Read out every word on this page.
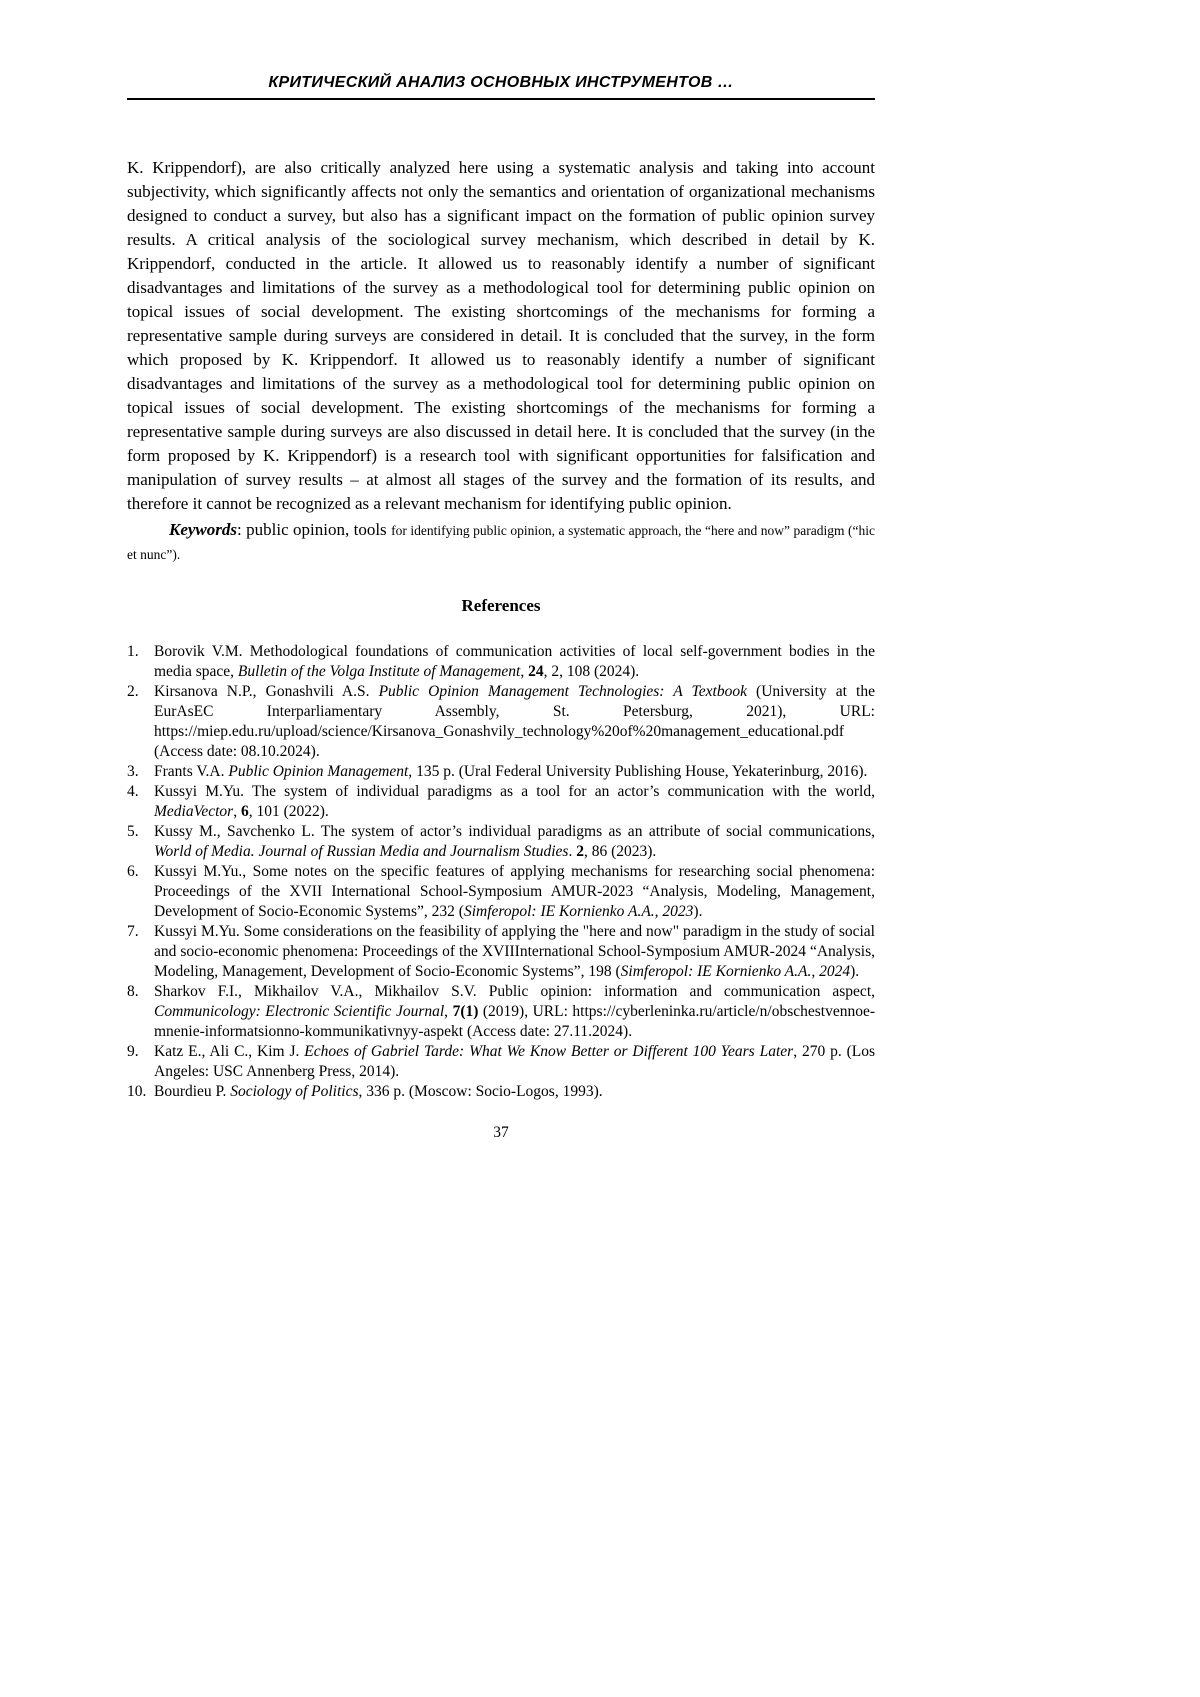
КРИТИЧЕСКИЙ АНАЛИЗ ОСНОВНЫХ ИНСТРУМЕНТОВ …

K. Krippendorf), are also critically analyzed here using a systematic analysis and taking into account subjectivity, which significantly affects not only the semantics and orientation of organizational mechanisms designed to conduct a survey, but also has a significant impact on the formation of public opinion survey results. A critical analysis of the sociological survey mechanism, which described in detail by K. Krippendorf, conducted in the article. It allowed us to reasonably identify a number of significant disadvantages and limitations of the survey as a methodological tool for determining public opinion on topical issues of social development. The existing shortcomings of the mechanisms for forming a representative sample during surveys are considered in detail. It is concluded that the survey, in the form which proposed by K. Krippendorf. It allowed us to reasonably identify a number of significant disadvantages and limitations of the survey as a methodological tool for determining public opinion on topical issues of social development. The existing shortcomings of the mechanisms for forming a representative sample during surveys are also discussed in detail here. It is concluded that the survey (in the form proposed by K. Krippendorf) is a research tool with significant opportunities for falsification and manipulation of survey results – at almost all stages of the survey and the formation of its results, and therefore it cannot be recognized as a relevant mechanism for identifying public opinion.

Keywords: public opinion, tools for identifying public opinion, a systematic approach, the “here and now” paradigm (“hic et nunc”).

References
1. Borovik V.M. Methodological foundations of communication activities of local self-government bodies in the media space, Bulletin of the Volga Institute of Management, 24, 2, 108 (2024).
2. Kirsanova N.P., Gonashvili A.S. Public Opinion Management Technologies: A Textbook (University at the EurAsEC Interparliamentary Assembly, St. Petersburg, 2021), URL: https://miep.edu.ru/upload/science/Kirsanova_Gonashvily_technology%20of%20management_educational.pdf (Access date: 08.10.2024).
3. Frants V.A. Public Opinion Management, 135 p. (Ural Federal University Publishing House, Yekaterinburg, 2016).
4. Kussyi M.Yu. The system of individual paradigms as a tool for an actor’s communication with the world, MediaVector, 6, 101 (2022).
5. Kussy M., Savchenko L. The system of actor’s individual paradigms as an attribute of social communications, World of Media. Journal of Russian Media and Journalism Studies. 2, 86 (2023).
6. Kussyi M.Yu., Some notes on the specific features of applying mechanisms for researching social phenomena: Proceedings of the XVII International School-Symposium AMUR-2023 “Analysis, Modeling, Management, Development of Socio-Economic Systems”, 232 (Simferopol: IE Kornienko A.A., 2023).
7. Kussyi M.Yu. Some considerations on the feasibility of applying the "here and now" paradigm in the study of social and socio-economic phenomena: Proceedings of the XVIIInternational School-Symposium AMUR-2024 “Analysis, Modeling, Management, Development of Socio-Economic Systems”, 198 (Simferopol: IE Kornienko A.A., 2024).
8. Sharkov F.I., Mikhailov V.A., Mikhailov S.V. Public opinion: information and communication aspect, Communicology: Electronic Scientific Journal, 7(1) (2019), URL: https://cyberleninka.ru/article/n/obschestvennoe-mnenie-informatsionno-kommunikativnyy-aspekt (Access date: 27.11.2024).
9. Katz E., Ali C., Kim J. Echoes of Gabriel Tarde: What We Know Better or Different 100 Years Later, 270 p. (Los Angeles: USC Annenberg Press, 2014).
10. Bourdieu P. Sociology of Politics, 336 p. (Moscow: Socio-Logos, 1993).
37
